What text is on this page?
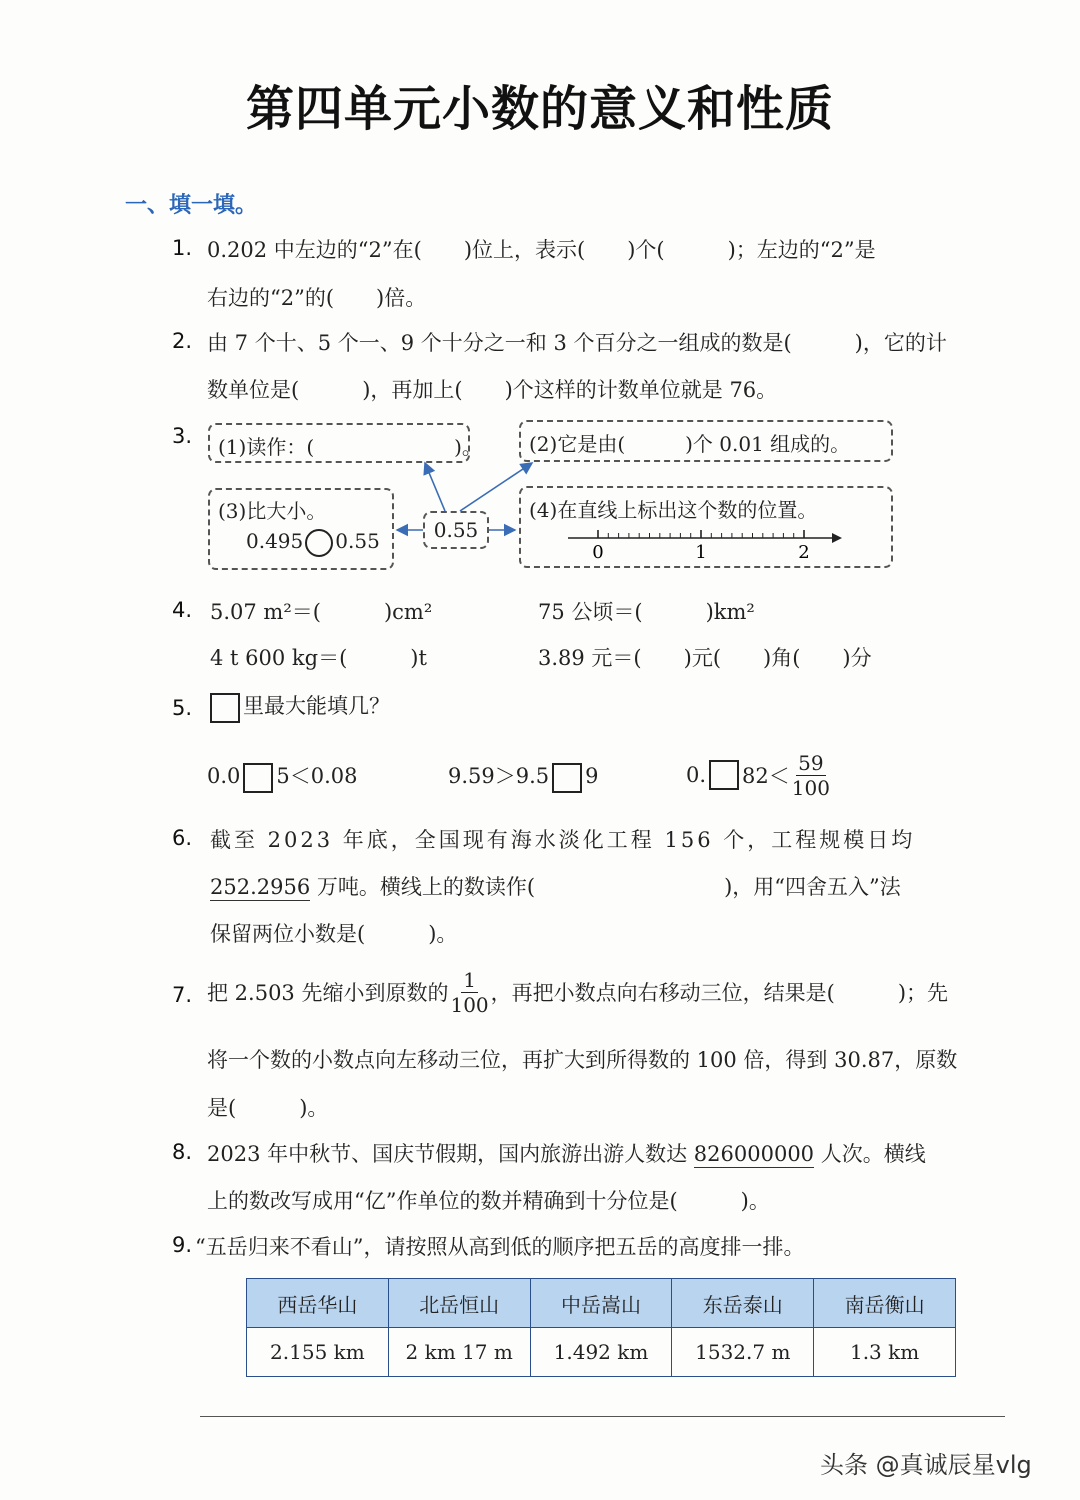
第四单元小数的意义和性质
一、填一填。
1. 0.202 中左边的“2”在(　　)位上，表示(　　)个(　　　)；左边的“2”是
右边的“2”的(　　)倍。
2. 由 7 个十、5 个一、9 个十分之一和 3 个百分之一组成的数是(　　　)，它的计
数单位是(　　　)，再加上(　　)个这样的计数单位就是 76。
3.	(1)读作：(　　　　　　　)。	(2)它是由(　　　)个 0.01 组成的。
(3)比大小。
0.495 0.55	0.55
(4)在直线上标出这个数的位置。
0	1	2
4. 5.07 m²＝(　　　)cm²	75 公顷＝(　　　)km²
4 t 600 kg＝(　　　)t	3.89 元＝(　　)元(　　)角(　　)分
5.	里最大能填几？
0.0 5＜0.08	9.59＞9.5 9	0. $82< \frac{59}{100}$
6. 截至 2023 年底，全国现有海水淡化工程 156 个，工程规模日均
252.2956 万吨。横线上的数读作(　　　　　　　　　)，用“四舍五入”法
保留两位小数是(　　　)。
7. 把 2.503 先缩小到原数的 $\frac{1}{100}$ ，再把小数点向右移动三位，结果是(　　　)；先
将一个数的小数点向左移动三位，再扩大到所得数的 100 倍，得到 30.87，原数
是(　　　)。
8. 2023 年中秋节、国庆节假期，国内旅游出游人数达 826000000 人次。横线
上的数改写成用“亿”作单位的数并精确到十分位是(　　　)。
9. “五岳归来不看山”，请按照从高到低的顺序把五岳的高度排一排。
西岳华山	北岳恒山	中岳嵩山	东岳泰山	南岳衡山
2.155 km	2 km 17 m	1.492 km	1532.7 m	1.3 km
头条 @真诚辰星vlg
